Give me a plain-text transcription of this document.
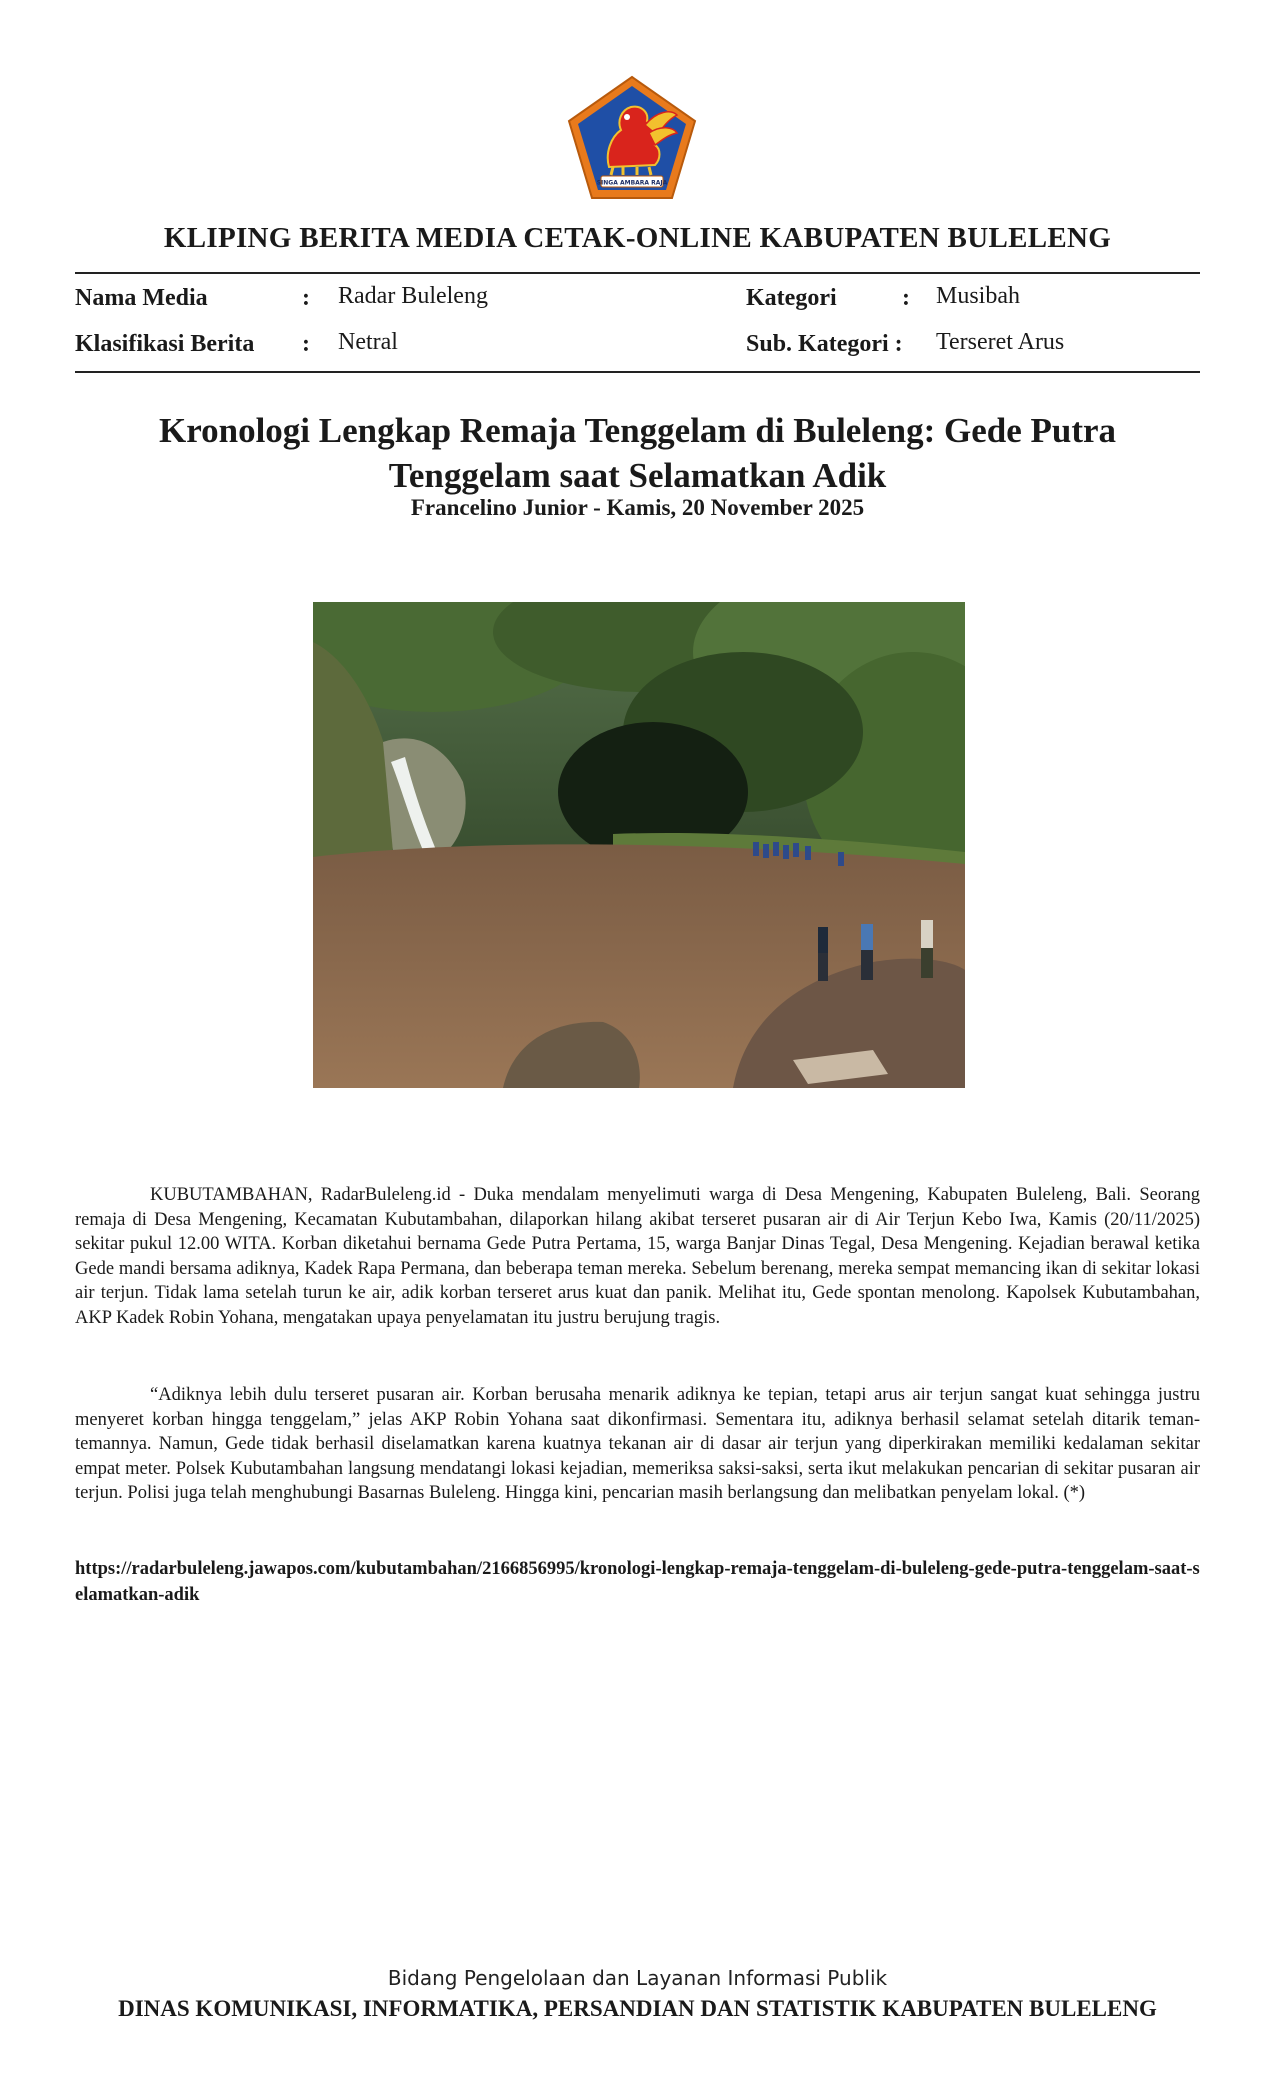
SINGA AMBARA RAJA
KLIPING BERITA MEDIA CETAK-ONLINE KABUPATEN BULELENG
Nama Media	: Radar Buleleng	Kategori	: Musibah
Klasifikasi Berita : Netral	Sub. Kategori : Terseret Arus
Kronologi Lengkap Remaja Tenggelam di Buleleng: Gede Putra Tenggelam saat Selamatkan Adik
Francelino Junior - Kamis, 20 November 2025

KUBUTAMBAHAN, RadarBuleleng.id - Duka mendalam menyelimuti warga di Desa Mengening, Kabupaten Buleleng, Bali. Seorang remaja di Desa Mengening, Kecamatan Kubutambahan, dilaporkan hilang akibat terseret pusaran air di Air Terjun Kebo Iwa, Kamis (20/11/2025) sekitar pukul 12.00 WITA. Korban diketahui bernama Gede Putra Pertama, 15, warga Banjar Dinas Tegal, Desa Mengening. Kejadian berawal ketika Gede mandi bersama adiknya, Kadek Rapa Permana, dan beberapa teman mereka. Sebelum berenang, mereka sempat memancing ikan di sekitar lokasi air terjun. Tidak lama setelah turun ke air, adik korban terseret arus kuat dan panik. Melihat itu, Gede spontan menolong. Kapolsek Kubutambahan, AKP Kadek Robin Yohana, mengatakan upaya penyelamatan itu justru berujung tragis.

“Adiknya lebih dulu terseret pusaran air. Korban berusaha menarik adiknya ke tepian, tetapi arus air terjun sangat kuat sehingga justru menyeret korban hingga tenggelam,” jelas AKP Robin Yohana saat dikonfirmasi. Sementara itu, adiknya berhasil selamat setelah ditarik teman-temannya. Namun, Gede tidak berhasil diselamatkan karena kuatnya tekanan air di dasar air terjun yang diperkirakan memiliki kedalaman sekitar empat meter. Polsek Kubutambahan langsung mendatangi lokasi kejadian, memeriksa saksi-saksi, serta ikut melakukan pencarian di sekitar pusaran air terjun. Polisi juga telah menghubungi Basarnas Buleleng. Hingga kini, pencarian masih berlangsung dan melibatkan penyelam lokal. (*)

https://radarbuleleng.jawapos.com/kubutambahan/2166856995/kronologi-lengkap-remaja-tenggelam-di-buleleng-gede-putra-tenggelam-saat-selamatkan-adik
Bidang Pengelolaan dan Layanan Informasi Publik
DINAS KOMUNIKASI, INFORMATIKA, PERSANDIAN DAN STATISTIK KABUPATEN BULELENG
